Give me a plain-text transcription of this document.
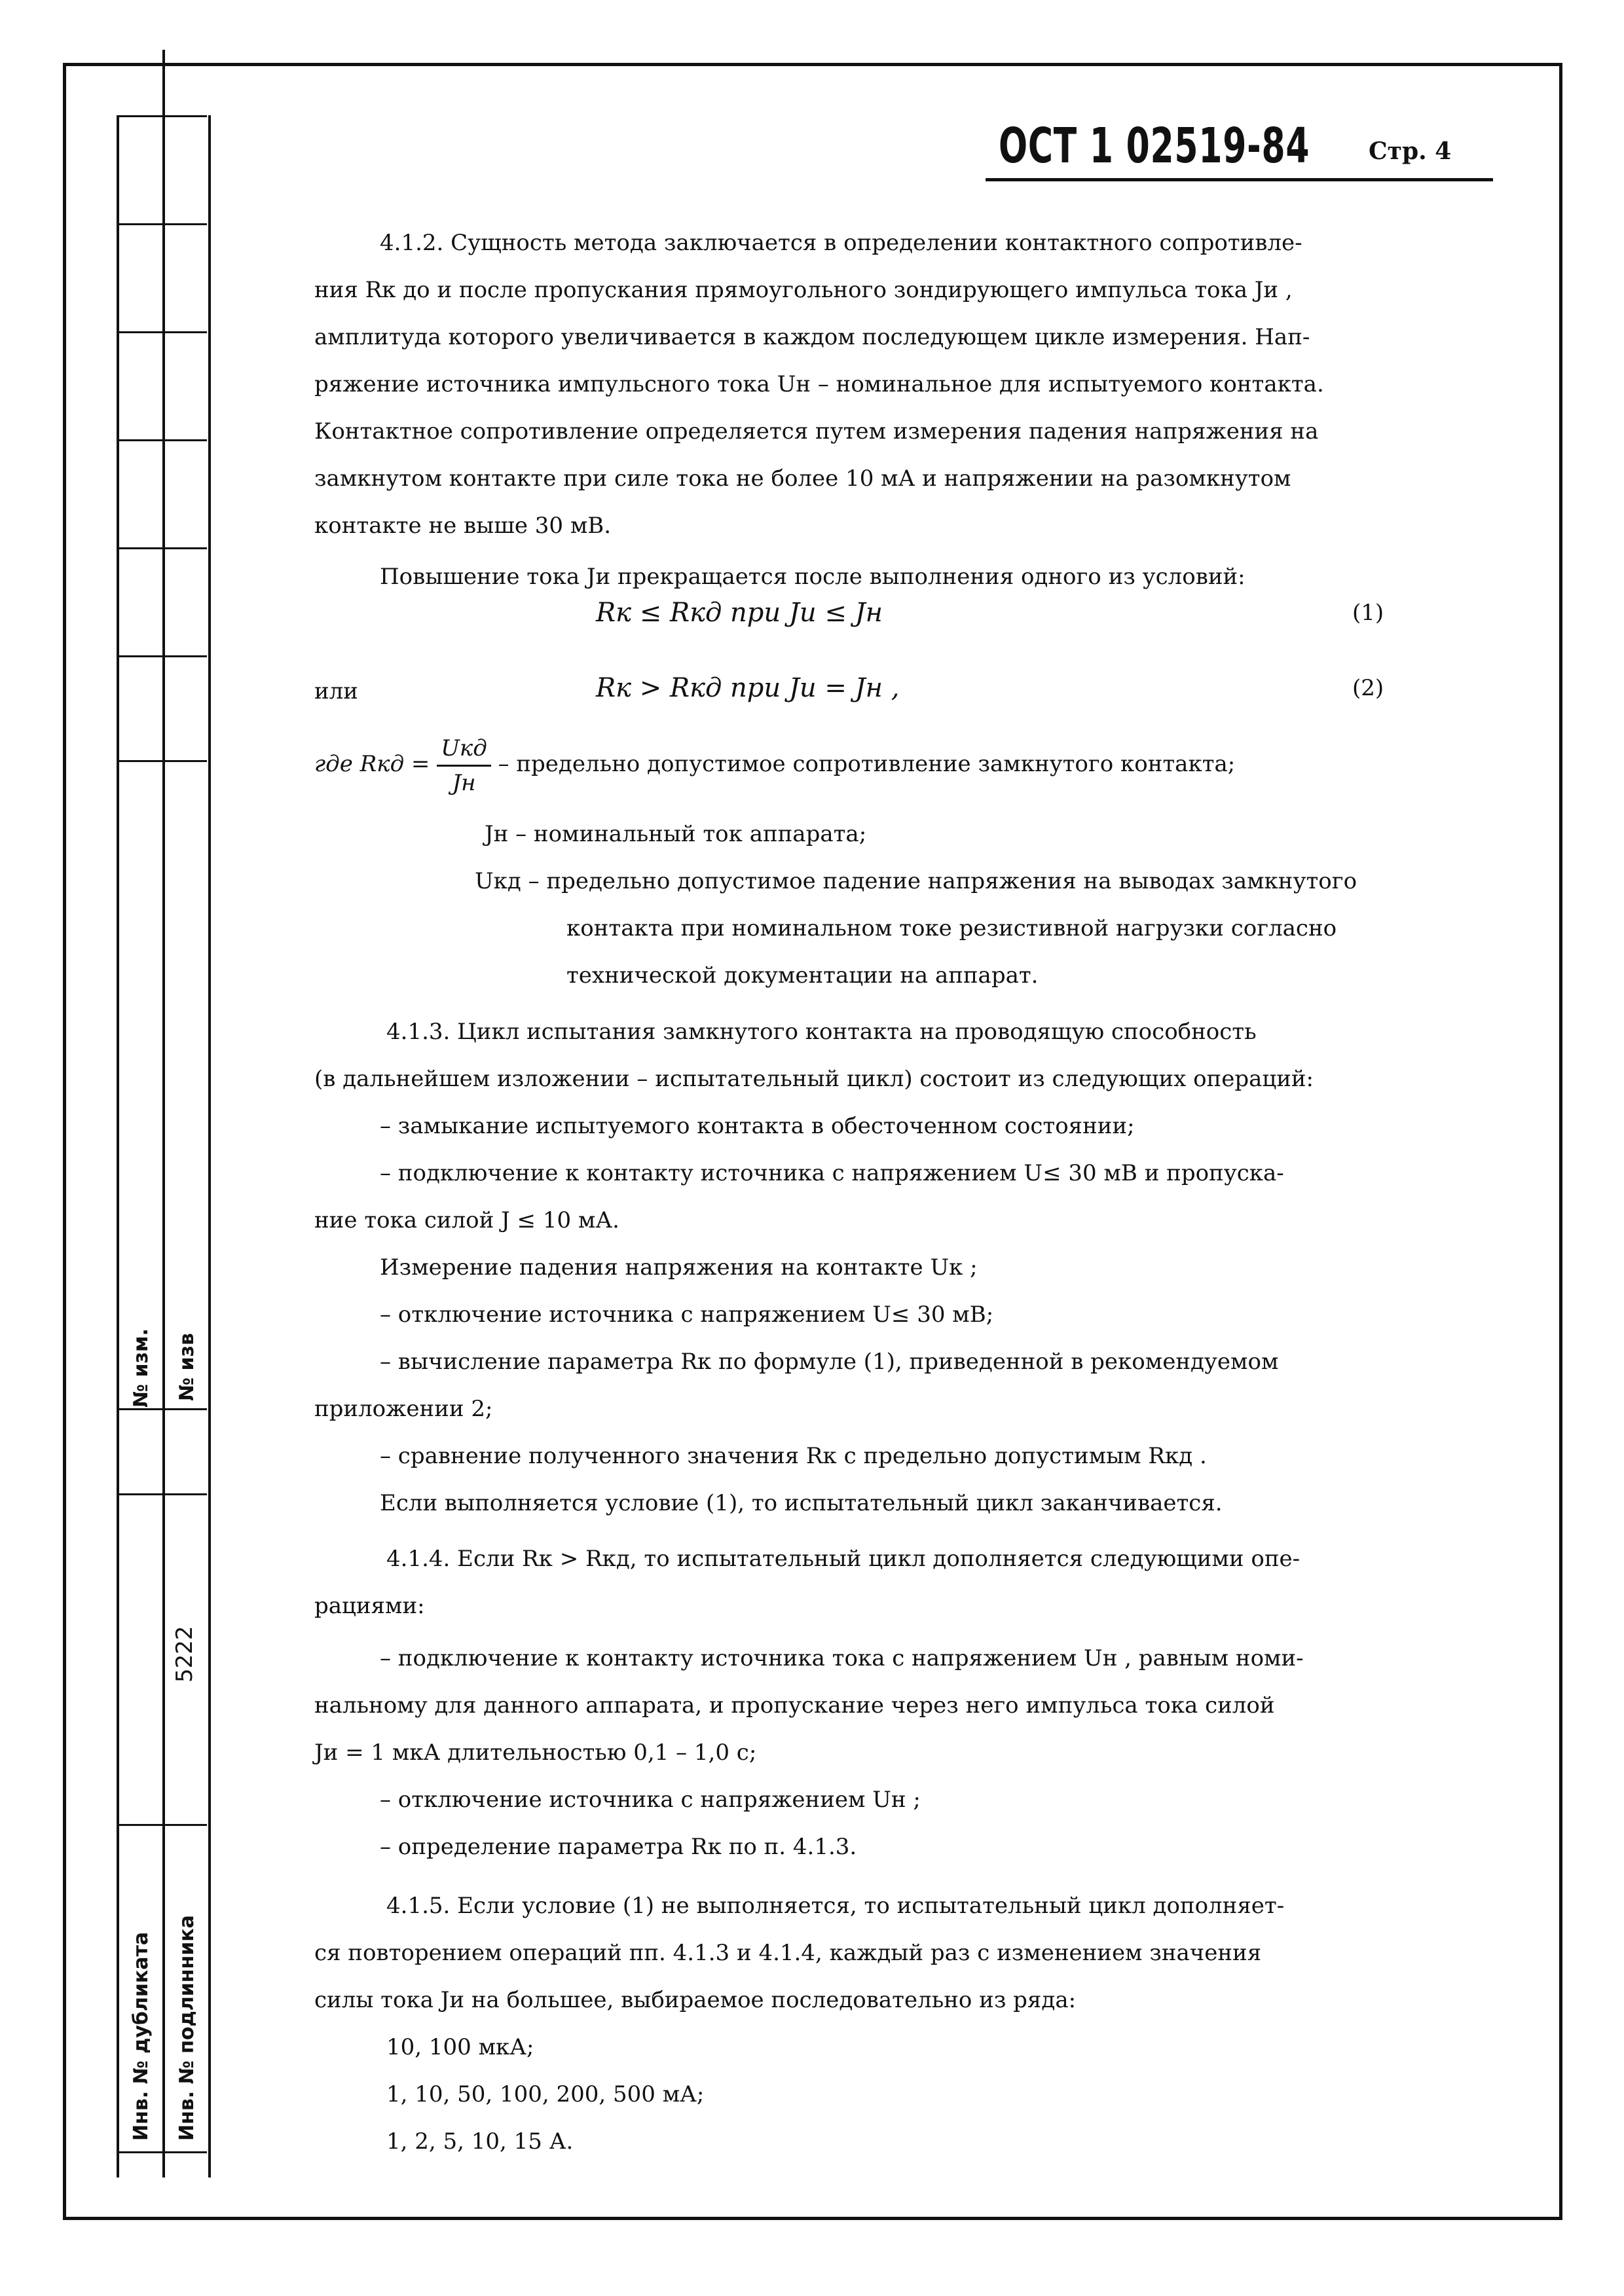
№ изм. № изв
5222
Инв. № дубликата Инв. № подлинника
ОСТ 1 02519-84 Стр. 4
4.1.2. Сущность метода заключается в определении контактного сопротивле-
ния Rк до и после пропускания прямоугольного зондирующего импульса тока Jи ,
амплитуда которого увеличивается в каждом последующем цикле измерения. Нап-
ряжение источника импульсного тока Uн – номинальное для испытуемого контакта.
Контактное сопротивление определяется путем измерения падения напряжения на
замкнутом контакте при силе тока не более 10 мА и напряжении на разомкнутом
контакте не выше 30 мВ.
Повышение тока Jи прекращается после выполнения одного из условий:
Rк ≤ Rкд при Jи ≤ Jн	(1)
или	Rк > Rкд при Jи = Jн ,	(2)
где Rкд = $\frac{\text{Uкд}}{Jн}$ – предельно допустимое сопротивление замкнутого контакта;
Jн – номинальный ток аппарата;
Uкд – предельно допустимое падение напряжения на выводах замкнутого
контакта при номинальном токе резистивной нагрузки согласно
технической документации на аппарат.
4.1.3. Цикл испытания замкнутого контакта на проводящую способность
(в дальнейшем изложении – испытательный цикл) состоит из следующих операций:
– замыкание испытуемого контакта в обесточенном состоянии;
– подключение к контакту источника с напряжением U≤ 30 мВ и пропуска-
ние тока силой J ≤ 10 мА.
Измерение падения напряжения на контакте Uк ;
– отключение источника с напряжением U≤ 30 мВ;
– вычисление параметра Rк по формуле (1), приведенной в рекомендуемом
приложении 2;
– сравнение полученного значения Rк с предельно допустимым Rкд .
Если выполняется условие (1), то испытательный цикл заканчивается.
4.1.4. Если Rк > Rкд, то испытательный цикл дополняется следующими опе-
рациями:
– подключение к контакту источника тока с напряжением Uн , равным номи-
нальному для данного аппарата, и пропускание через него импульса тока силой
Jи = 1 мкА длительностью 0,1 – 1,0 с;
– отключение источника с напряжением Uн ;
– определение параметра Rк по п. 4.1.3.
4.1.5. Если условие (1) не выполняется, то испытательный цикл дополняет-
ся повторением операций пп. 4.1.3 и 4.1.4, каждый раз с изменением значения
силы тока Jи на большее, выбираемое последовательно из ряда:
10, 100 мкА;
1, 10, 50, 100, 200, 500 мА;
1, 2, 5, 10, 15 А.
